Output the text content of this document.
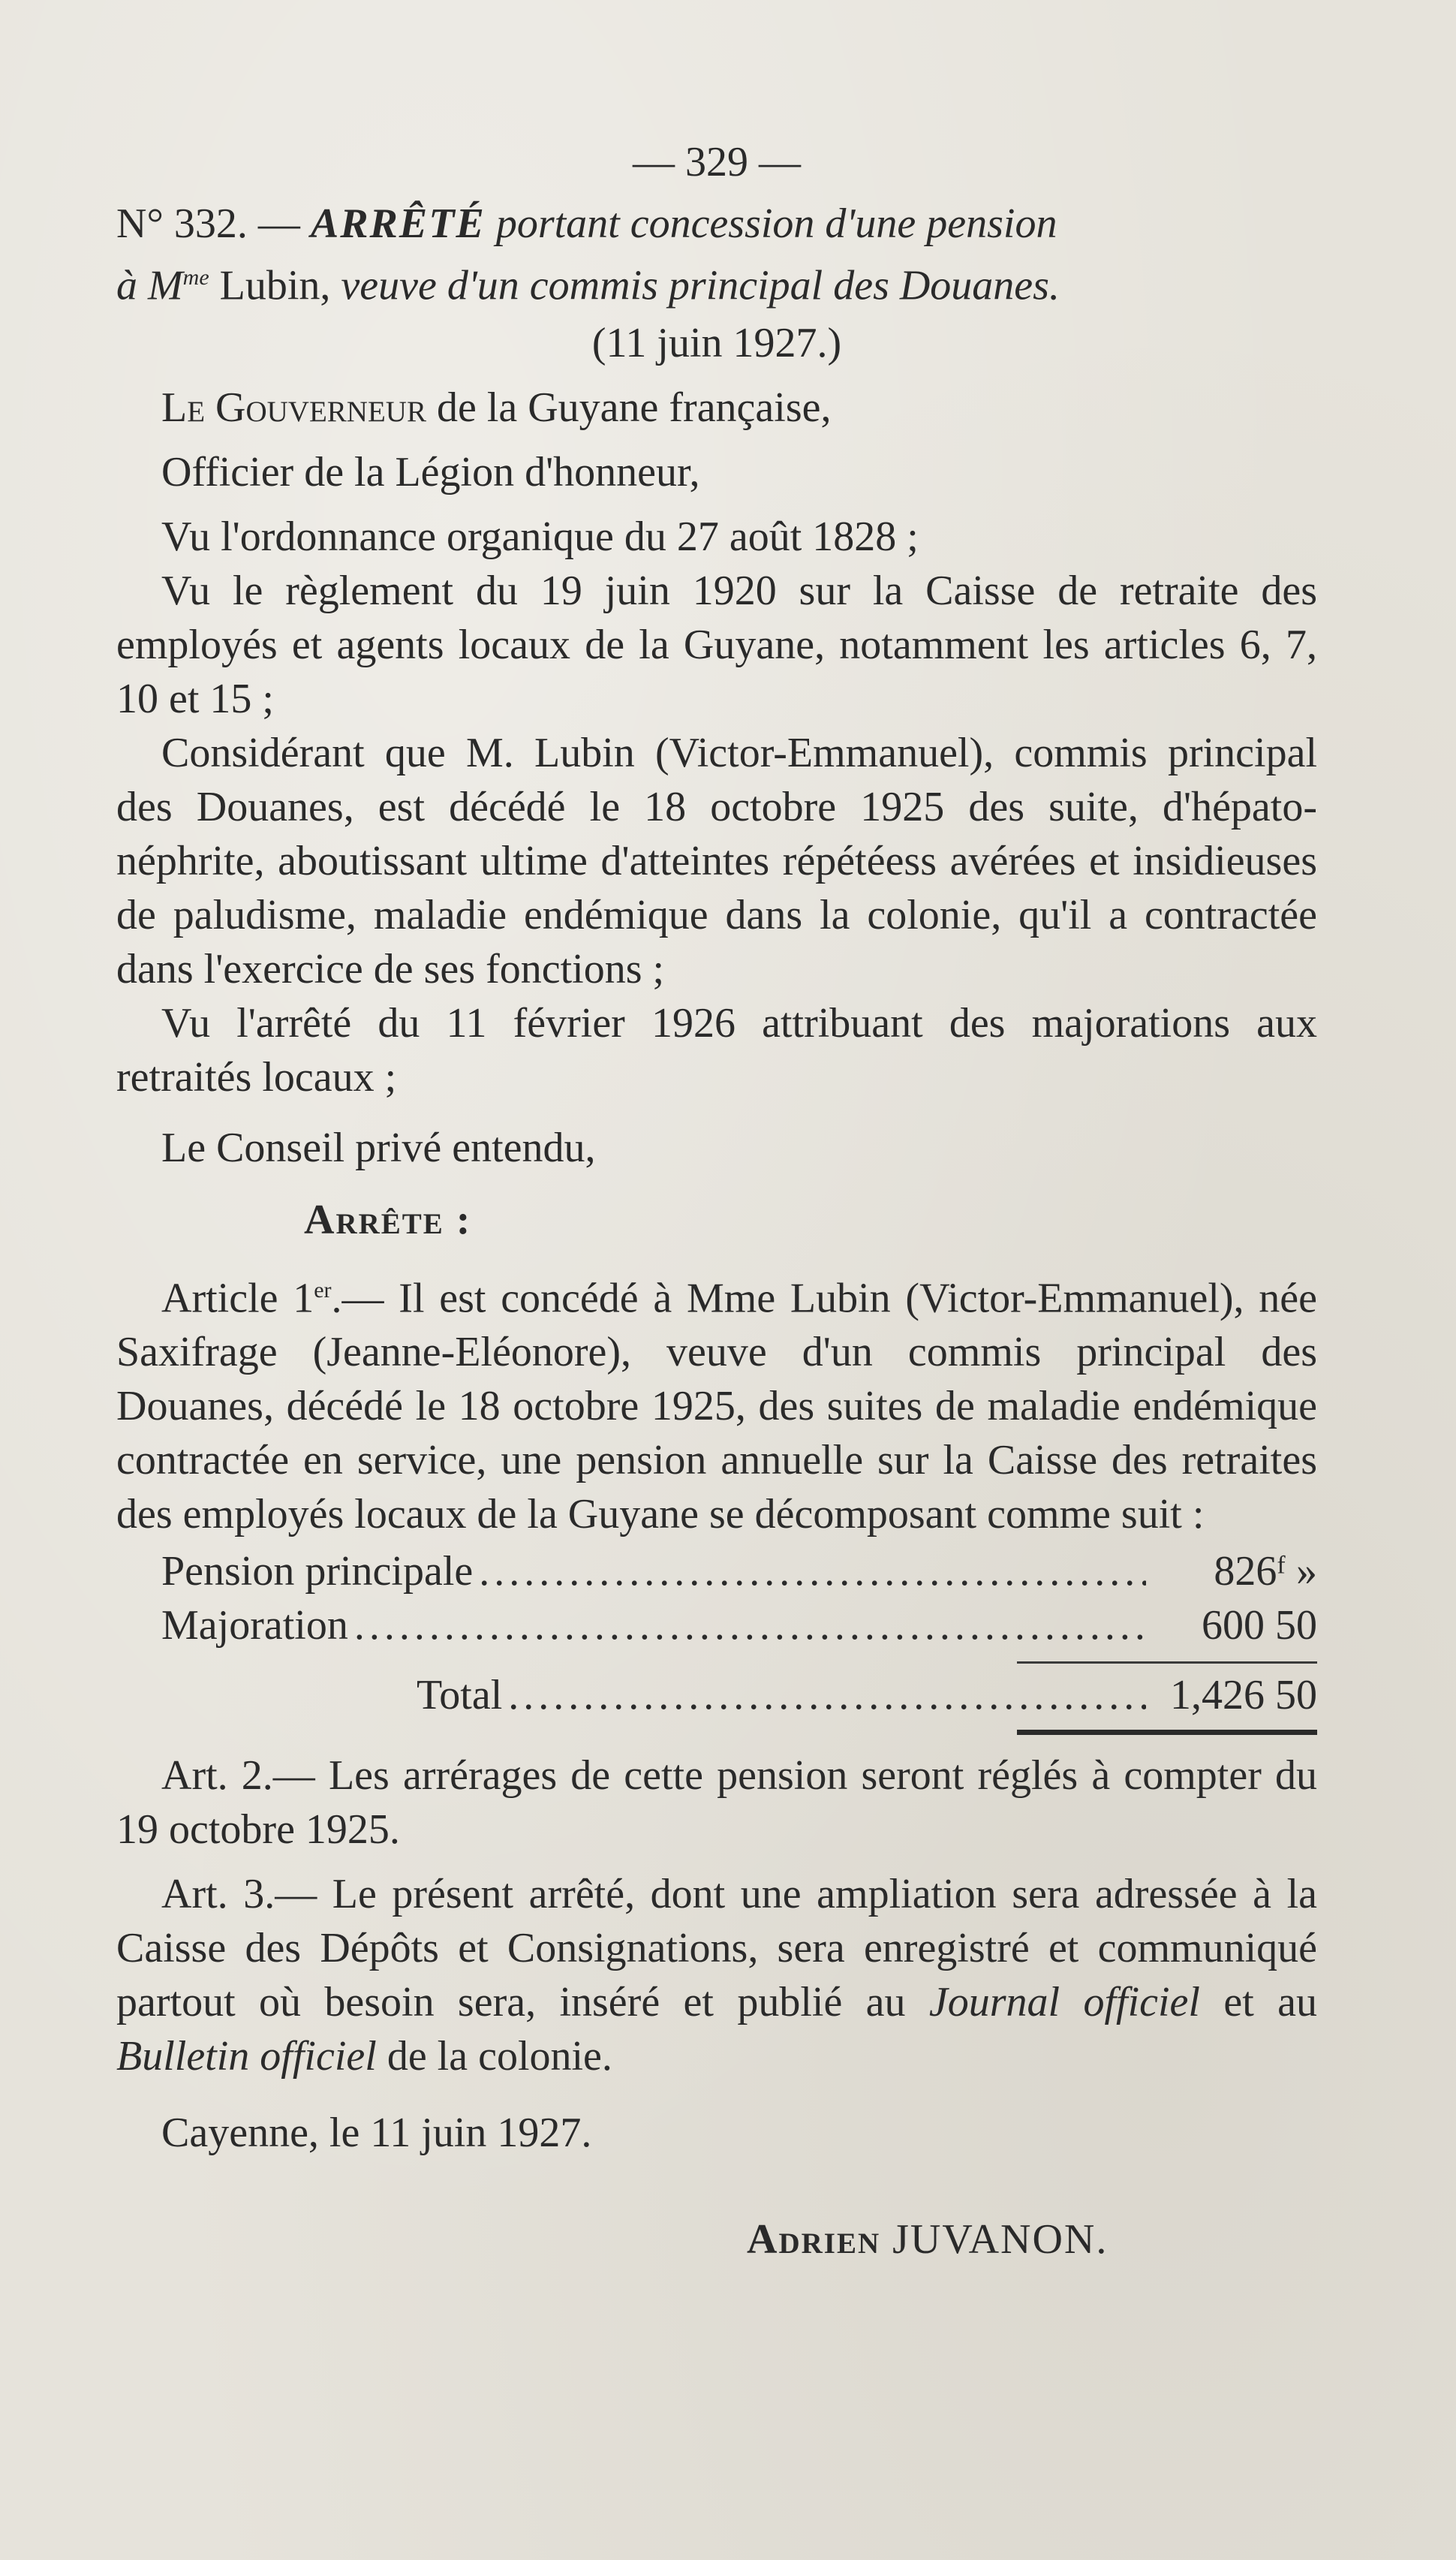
— 329 —
N° 332. — ARRÊTÉ portant concession d'une pension
à $M^{me}$ Lubin, veuve d'un commis principal des Douanes.
(11 juin 1927.)

Le Gouverneur de la Guyane française,

Officier de la Légion d'honneur,

Vu l'ordonnance organique du 27 août 1828 ;

Vu le règlement du 19 juin 1920 sur la Caisse de retraite des employés et agents locaux de la Guyane, notamment les articles 6, 7, 10 et 15 ;

Considérant que M. Lubin (Victor-Emmanuel), commis principal des Douanes, est décédé le 18 octobre 1925 des suite, d'hépato-néphrite, aboutissant ultime d'atteintes répétéess avérées et insidieuses de paludisme, maladie endémique dans la colonie, qu'il a contractée dans l'exercice de ses fonctions ;

Vu l'arrêté du 11 février 1926 attribuant des majorations aux retraités locaux ;

Le Conseil privé entendu,

Arrête :

Article 1er.— Il est concédé à Mme Lubin (Victor-Emmanuel), née Saxifrage (Jeanne-Eléonore), veuve d'un commis principal des Douanes, décédé le 18 octobre 1925, des suites de maladie endémique contractée en service, une pension annuelle sur la Caisse des retraites des employés locaux de la Guyane se décomposant comme suit :

Pension principale .....	826ᶠ »
Majoration .....	600 50
Total .....	1,426 50

Art. 2.— Les arrérages de cette pension seront réglés à compter du 19 octobre 1925.

Art. 3.— Le présent arrêté, dont une ampliation sera adressée à la Caisse des Dépôts et Consignations, sera enregistré et communiqué partout où besoin sera, inséré et publié au Journal officiel et au Bulletin officiel de la colonie.

Cayenne, le 11 juin 1927.

Adrien JUVANON.
